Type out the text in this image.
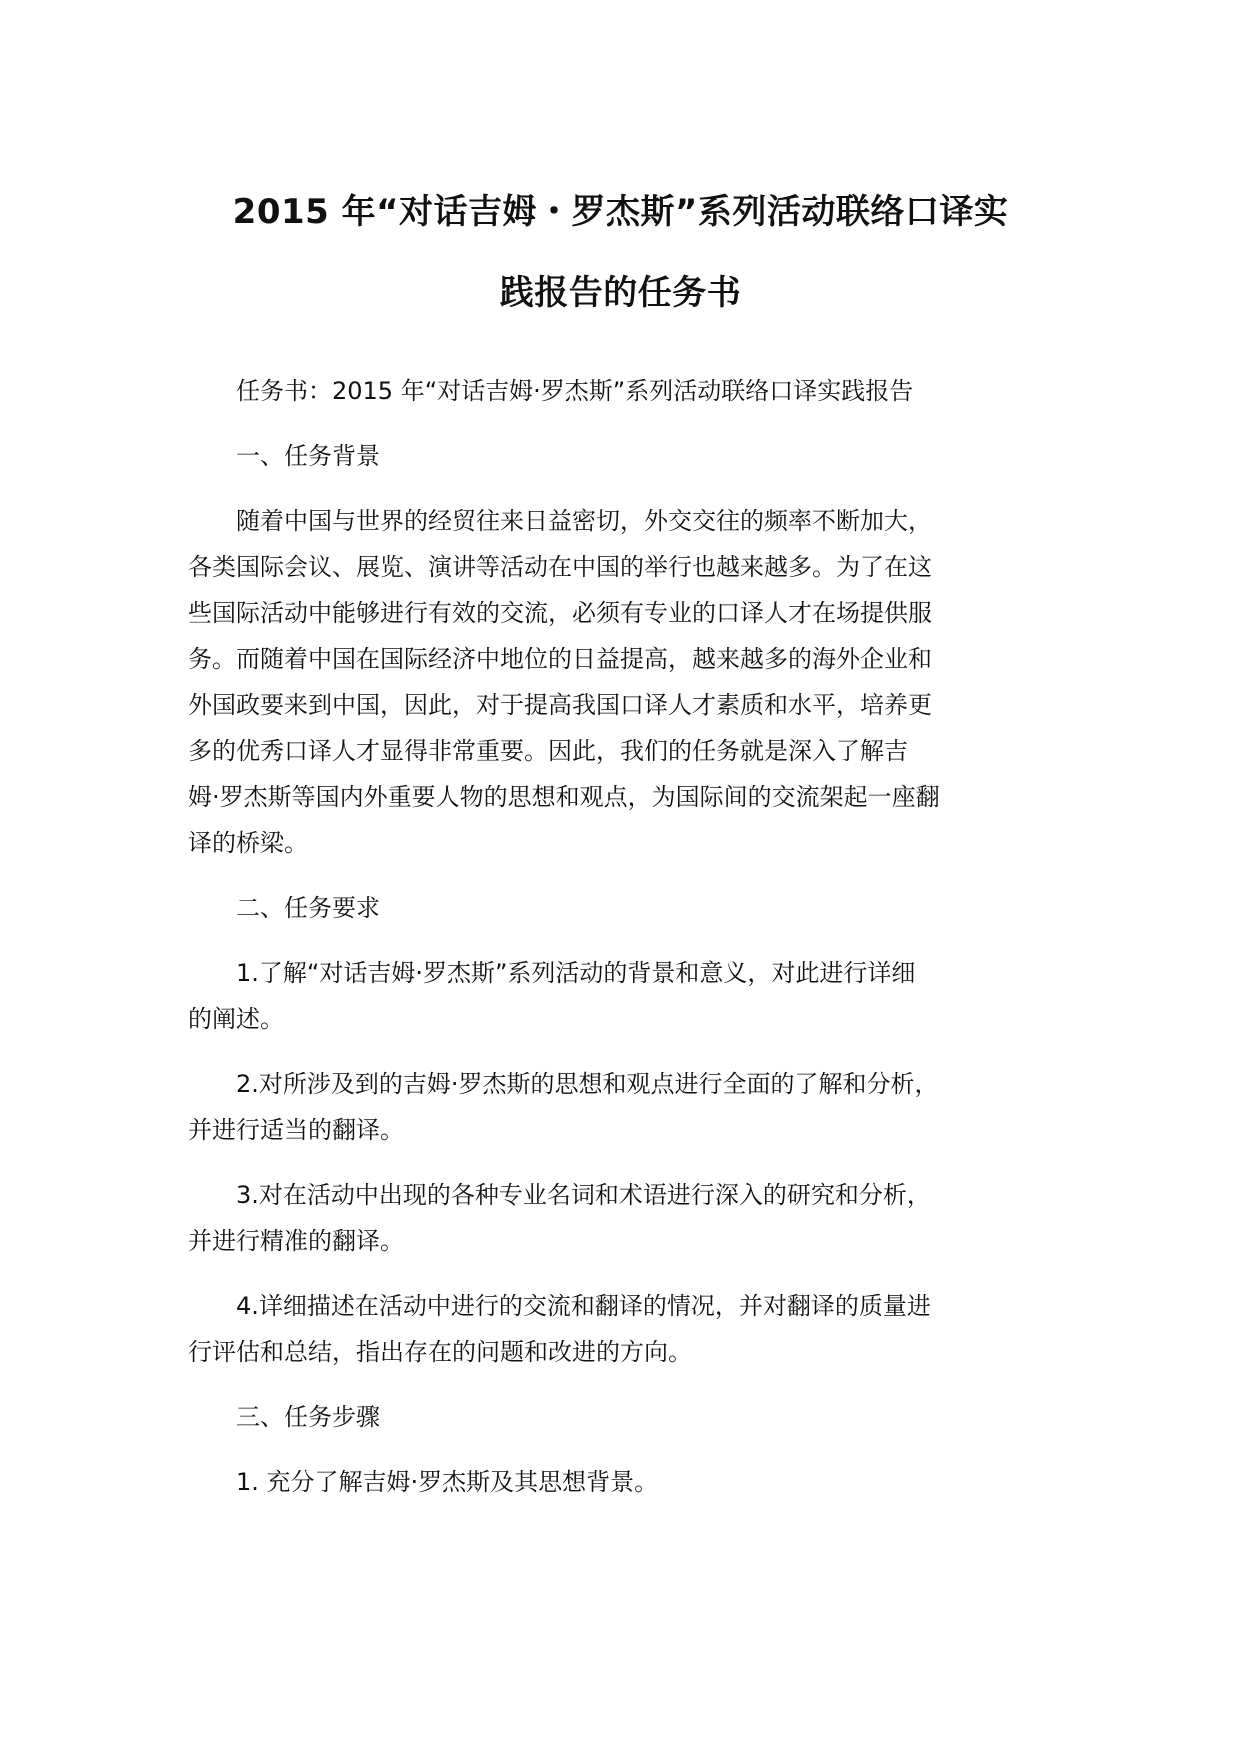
2015 年“对话吉姆・罗杰斯”系列活动联络口译实
践报告的任务书

任务书：2015 年“对话吉姆·罗杰斯”系列活动联络口译实践报告

一、任务背景

随着中国与世界的经贸往来日益密切，外交交往的频率不断加大，
各类国际会议、展览、演讲等活动在中国的举行也越来越多。为了在这
些国际活动中能够进行有效的交流，必须有专业的口译人才在场提供服
务。而随着中国在国际经济中地位的日益提高，越来越多的海外企业和
外国政要来到中国，因此，对于提高我国口译人才素质和水平，培养更
多的优秀口译人才显得非常重要。因此，我们的任务就是深入了解吉
姆·罗杰斯等国内外重要人物的思想和观点，为国际间的交流架起一座翻
译的桥梁。

二、任务要求

1.了解“对话吉姆·罗杰斯”系列活动的背景和意义，对此进行详细
的阐述。

2.对所涉及到的吉姆·罗杰斯的思想和观点进行全面的了解和分析，
并进行适当的翻译。

3.对在活动中出现的各种专业名词和术语进行深入的研究和分析，
并进行精准的翻译。

4.详细描述在活动中进行的交流和翻译的情况，并对翻译的质量进
行评估和总结，指出存在的问题和改进的方向。

三、任务步骤

1. 充分了解吉姆·罗杰斯及其思想背景。
